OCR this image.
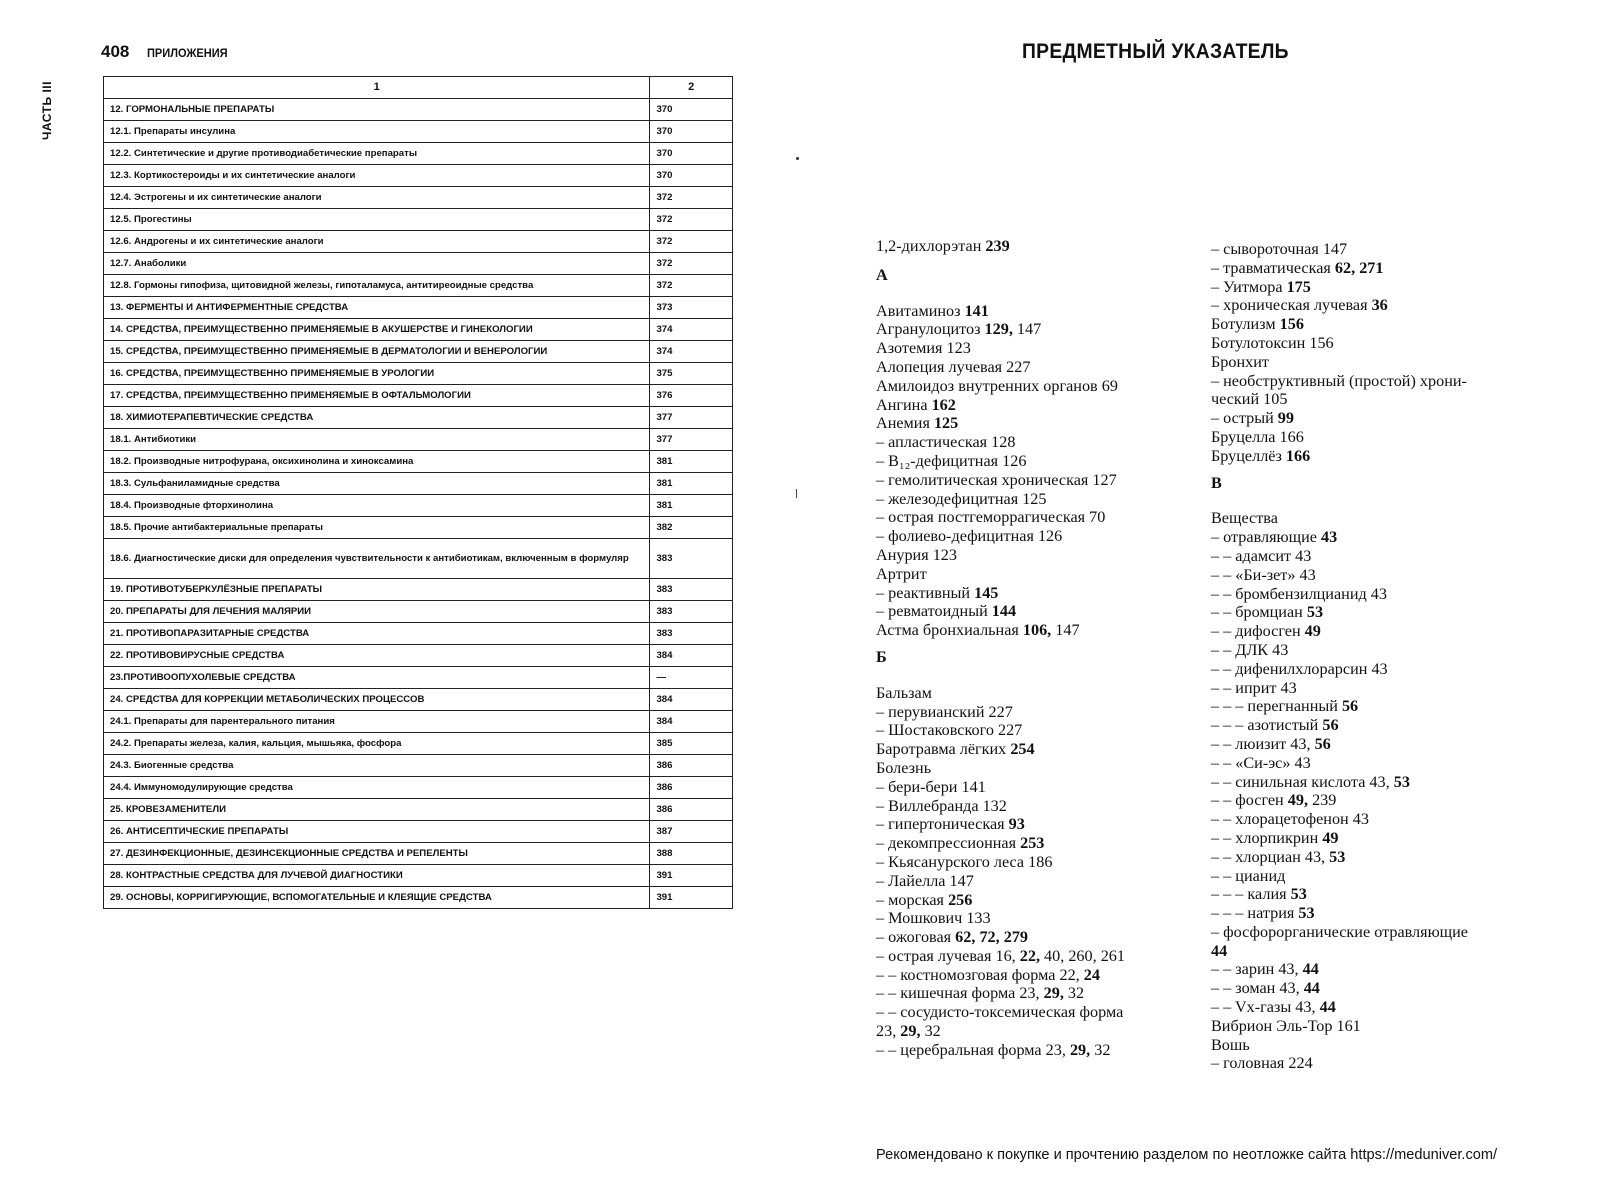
ЧАСТЬ III
408 ПРИЛОЖЕНИЯ
1	2
12. ГОРМОНАЛЬНЫЕ ПРЕПАРАТЫ	370
12.1. Препараты инсулина	370
12.2. Синтетические и другие противодиабетические препараты	370
12.3. Кортикостероиды и их синтетические аналоги	370
12.4. Эстрогены и их синтетические аналоги	372
12.5. Прогестины	372
12.6. Андрогены и их синтетические аналоги	372
12.7. Анаболики	372
12.8. Гормоны гипофиза, щитовидной железы, гипоталамуса, антитиреоидные средства	372
13. ФЕРМЕНТЫ И АНТИФЕРМЕНТНЫЕ СРЕДСТВА	373
14. СРЕДСТВА, ПРЕИМУЩЕСТВЕННО ПРИМЕНЯЕМЫЕ В АКУШЕРСТВЕ И ГИНЕКОЛОГИИ	374
15. СРЕДСТВА, ПРЕИМУЩЕСТВЕННО ПРИМЕНЯЕМЫЕ В ДЕРМАТОЛОГИИ И ВЕНЕРОЛОГИИ	374
16. СРЕДСТВА, ПРЕИМУЩЕСТВЕННО ПРИМЕНЯЕМЫЕ В УРОЛОГИИ	375
17. СРЕДСТВА, ПРЕИМУЩЕСТВЕННО ПРИМЕНЯЕМЫЕ В ОФТАЛЬМОЛОГИИ	376
18. ХИМИОТЕРАПЕВТИЧЕСКИЕ СРЕДСТВА	377
18.1. Антибиотики	377
18.2. Производные нитрофурана, оксихинолина и хиноксамина	381
18.3. Сульфаниламидные средства	381
18.4. Производные фторхинолина	381
18.5. Прочие антибактериальные препараты	382
18.6. Диагностические диски для определения чувствительности к антибиотикам, включенным в формуляр	383
19. ПРОТИВОТУБЕРКУЛЁЗНЫЕ ПРЕПАРАТЫ	383
20. ПРЕПАРАТЫ ДЛЯ ЛЕЧЕНИЯ МАЛЯРИИ	383
21. ПРОТИВОПАРАЗИТАРНЫЕ СРЕДСТВА	383
22. ПРОТИВОВИРУСНЫЕ СРЕДСТВА	384
23.ПРОТИВООПУХОЛЕВЫЕ СРЕДСТВА	—
24. СРЕДСТВА ДЛЯ КОРРЕКЦИИ МЕТАБОЛИЧЕСКИХ ПРОЦЕССОВ	384
24.1. Препараты для парентерального питания	384
24.2. Препараты железа, калия, кальция, мышьяка, фосфора	385
24.3. Биогенные средства	386
24.4. Иммуномодулирующие средства	386
25. КРОВЕЗАМЕНИТЕЛИ	386
26. АНТИСЕПТИЧЕСКИЕ ПРЕПАРАТЫ	387
27. ДЕЗИНФЕКЦИОННЫЕ, ДЕЗИНСЕКЦИОННЫЕ СРЕДСТВА И РЕПЕЛЕНТЫ	388
28. КОНТРАСТНЫЕ СРЕДСТВА ДЛЯ ЛУЧЕВОЙ ДИАГНОСТИКИ	391
29. ОСНОВЫ, КОРРИГИРУЮЩИЕ, ВСПОМОГАТЕЛЬНЫЕ И КЛЕЯЩИЕ СРЕДСТВА	391
ПРЕДМЕТНЫЙ УКАЗАТЕЛЬ
1,2-дихлорэтан 239
А
Авитаминоз 141
Агранулоцитоз 129, 147
Азотемия 123
Алопеция лучевая 227
Амилоидоз внутренних органов 69
Ангина 162
Анемия 125
– апластическая 128
– В₁₂-дефицитная 126
– гемолитическая хроническая 127
– железодефицитная 125
– острая постгеморрагическая 70
– фолиево-дефицитная 126
Анурия 123
Артрит
– реактивный 145
– ревматоидный 144
Астма бронхиальная 106, 147
Б
Бальзам
– перувианский 227
– Шостаковского 227
Баротравма лёгких 254
Болезнь
– бери-бери 141
– Виллебранда 132
– гипертоническая 93
– декомпрессионная 253
– Кьясанурского леса 186
– Лайелла 147
– морская 256
– Мошкович 133
– ожоговая 62, 72, 279
– острая лучевая 16, 22, 40, 260, 261
– – костномозговая форма 22, 24
– – кишечная форма 23, 29, 32
– – сосудисто-токсемическая форма
23, 29, 32
– – церебральная форма 23, 29, 32
– сывороточная 147
– травматическая 62, 271
– Уитмора 175
– хроническая лучевая 36
Ботулизм 156
Ботулотоксин 156
Бронхит
– необструктивный (простой) хрони-
ческий 105
– острый 99
Бруцелла 166
Бруцеллёз 166
В
Вещества
– отравляющие 43
– – адамсит 43
– – «Би-зет» 43
– – бромбензилцианид 43
– – бромциан 53
– – дифосген 49
– – ДЛК 43
– – дифенилхлорарсин 43
– – иприт 43
– – – перегнанный 56
– – – азотистый 56
– – люизит 43, 56
– – «Си-эс» 43
– – синильная кислота 43, 53
– – фосген 49, 239
– – хлорацетофенон 43
– – хлорпикрин 49
– – хлорциан 43, 53
– – цианид
– – – калия 53
– – – натрия 53
– фосфорорганические отравляющие
44
– – зарин 43, 44
– – зоман 43, 44
– – Vx-газы 43, 44
Вибрион Эль-Тор 161
Вошь
– головная 224
Рекомендовано к покупке и прочтению разделом по неотложке сайта https://meduniver.com/
